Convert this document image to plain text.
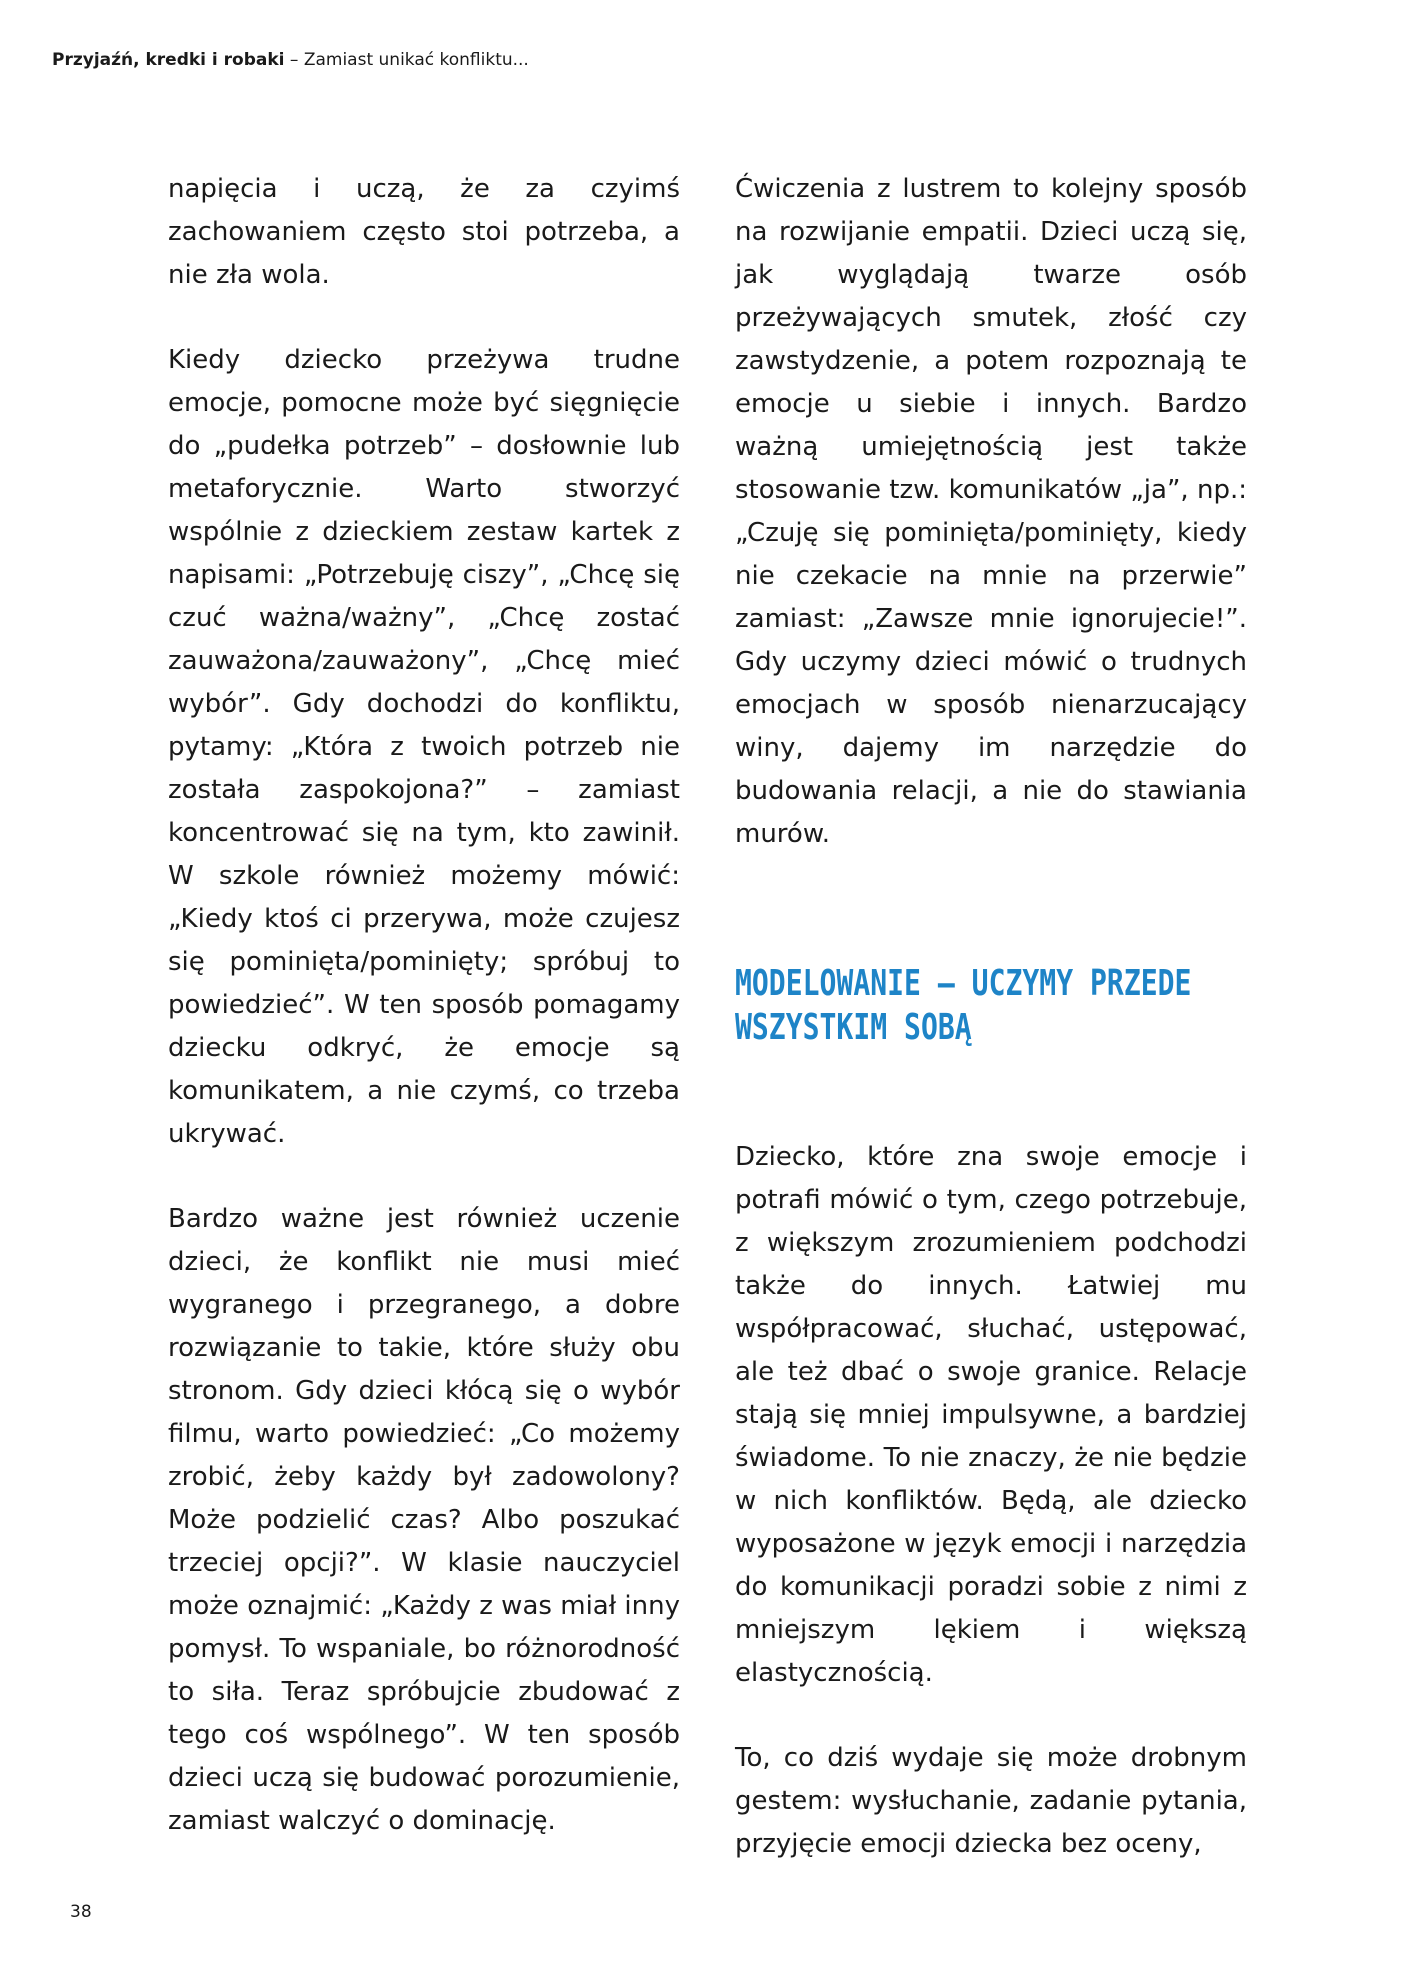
Przyjaźń, kredki i robaki – Zamiast unikać konfliktu...

napięcia i uczą, że za czyimś zachowaniem często stoi potrzeba, a nie zła wola.

Kiedy dziecko przeżywa trudne emocje, pomocne może być sięgnięcie do „pudełka potrzeb” – dosłownie lub metaforycznie. Warto stworzyć wspólnie z dzieckiem zestaw kartek z napisami: „Potrzebuję ciszy”, „Chcę się czuć ważna/ważny”, „Chcę zostać zauważona/zauważony”, „Chcę mieć wybór”. Gdy dochodzi do konfliktu, pytamy: „Która z twoich potrzeb nie została zaspokojona?” – zamiast koncentrować się na tym, kto zawinił. W szkole również możemy mówić: „Kiedy ktoś ci przerywa, może czujesz się pominięta/pominięty; spróbuj to powiedzieć”. W ten sposób pomagamy dziecku odkryć, że emocje są komunikatem, a nie czymś, co trzeba ukrywać.

Bardzo ważne jest również uczenie dzieci, że konflikt nie musi mieć wygranego i przegranego, a dobre rozwiązanie to takie, które służy obu stronom. Gdy dzieci kłócą się o wybór filmu, warto powiedzieć: „Co możemy zrobić, żeby każdy był zadowolony? Może podzielić czas? Albo poszukać trzeciej opcji?”. W klasie nauczyciel może oznajmić: „Każdy z was miał inny pomysł. To wspaniale, bo różnorodność to siła. Teraz spróbujcie zbudować z tego coś wspólnego”. W ten sposób dzieci uczą się budować porozumienie, zamiast walczyć o dominację.

Ćwiczenia z lustrem to kolejny sposób na rozwijanie empatii. Dzieci uczą się, jak wyglądają twarze osób przeżywających smutek, złość czy zawstydzenie, a potem rozpoznają te emocje u siebie i innych. Bardzo ważną umiejętnością jest także stosowanie tzw. komunikatów „ja”, np.: „Czuję się pominięta/pominięty, kiedy nie czekacie na mnie na przerwie” zamiast: „Zawsze mnie ignorujecie!”. Gdy uczymy dzieci mówić o trudnych emocjach w sposób nienarzucający winy, dajemy im narzędzie do budowania relacji, a nie do stawiania murów.

MODELOWANIE – UCZYMY PRZEDE WSZYSTKIM SOBĄ

Dziecko, które zna swoje emocje i potrafi mówić o tym, czego potrzebuje, z większym zrozumieniem podchodzi także do innych. Łatwiej mu współpracować, słuchać, ustępować, ale też dbać o swoje granice. Relacje stają się mniej impulsywne, a bardziej świadome. To nie znaczy, że nie będzie w nich konfliktów. Będą, ale dziecko wyposażone w język emocji i narzędzia do komunikacji poradzi sobie z nimi z mniejszym lękiem i większą elastycznością.

To, co dziś wydaje się może drobnym gestem: wysłuchanie, zadanie pytania, przyjęcie emocji dziecka bez oceny,

38
